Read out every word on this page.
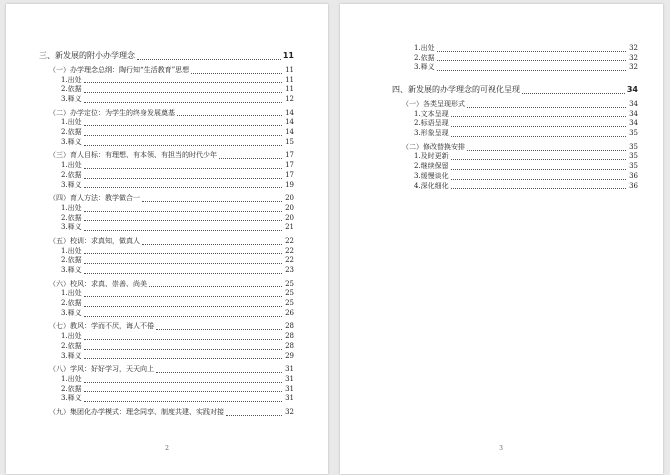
三、新发展的附小办学理念	11
（一）办学理念总纲：陶行知“生活教育”思想	11
1.出处	11
2.依据	11
3.释义	12
（二）办学定位：为学生的终身发展奠基	14
1.出处	14
2.依据	14
3.释义	15
（三）育人目标：有理想、有本领、有担当的时代少年	17
1.出处	17
2.依据	17
3.释义	19
（四）育人方法：教学做合一	20
1.出处	20
2.依据	20
3.释义	21
（五）校训：求真知，做真人	22
1.出处	22
2.依据	22
3.释义	23
（六）校风：求真、崇善、尚美	25
1.出处	25
2.依据	25
3.释义	26
（七）教风：学而不厌，诲人不倦	28
1.出处	28
2.依据	28
3.释义	29
（八）学风：好好学习，天天向上	31
1.出处	31
2.依据	31
3.释义	31
（九）集团化办学模式：理念同享、制度共建、实践对接	32
2
1.出处	32
2.依据	32
3.释义	32
四、新发展的办学理念的可视化呈现	34
（一）各类呈现形式	34
1.文本呈现	34
2.标语呈现	34
3.形象呈现	35
（二）修改替换安排	35
1.及时更新	35
2.继续保留	35
3.缓慢谈化	36
4.深化细化	36
3
